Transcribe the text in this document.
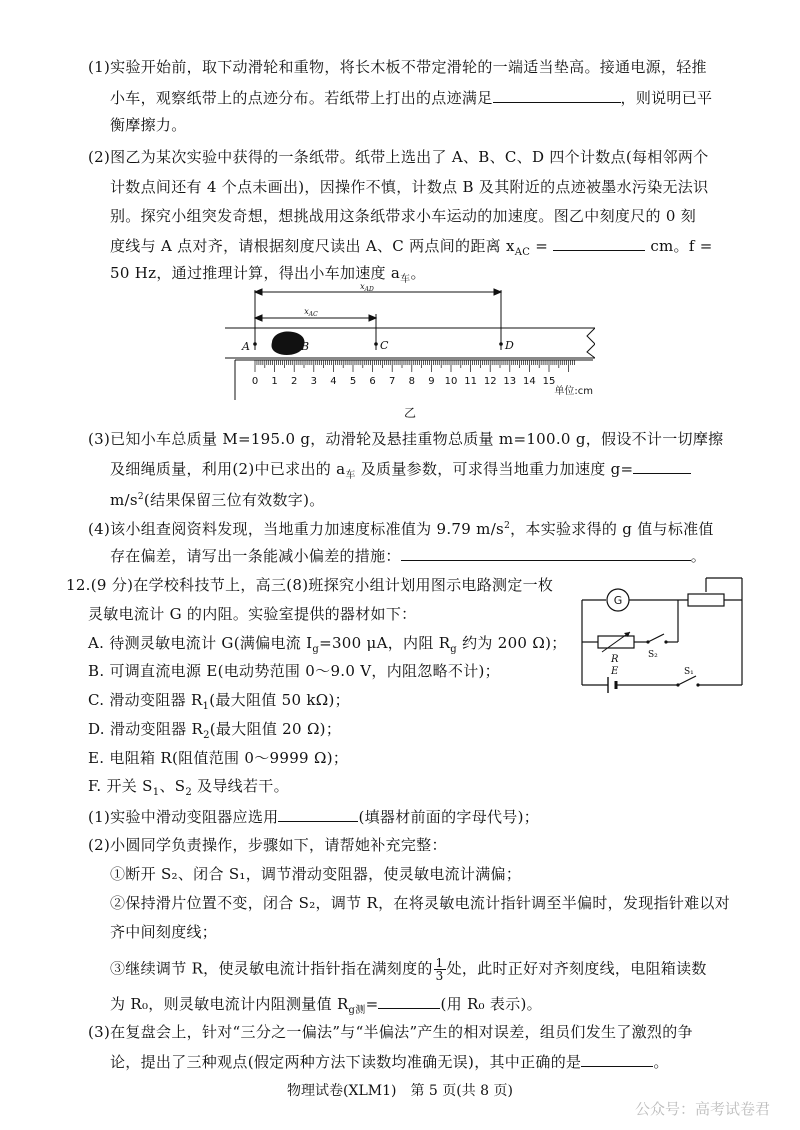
(1)实验开始前，取下动滑轮和重物，将长木板不带定滑轮的一端适当垫高。接通电源，轻推
小车，观察纸带上的点迹分布。若纸带上打出的点迹满足	，则说明已平
衡摩擦力。
(2)图乙为某次实验中获得的一条纸带。纸带上选出了 A、B、C、D 四个计数点(每相邻两个
计数点间还有 4 个点未画出)，因操作不慎，计数点 B 及其附近的点迹被墨水污染无法识
别。探究小组突发奇想，想挑战用这条纸带求小车运动的加速度。图乙中刻度尺的 0 刻
度线与 A 点对齐，请根据刻度尺读出 A、C 两点间的距离 $x_{AC}$ =	cm。f =
50 Hz，通过推理计算，得出小车加速度 $a_车$。
$x_{AD}$
$x_{AC}$
A	B	C	D
0 1 2 3 4 5 6 7 8 9 10 11 12 13 14 15
单位:cm
乙
(3)已知小车总质量 M=195.0 g，动滑轮及悬挂重物总质量 m=100.0 g，假设不计一切摩擦
及细绳质量，利用(2)中已求出的 $a_车$ 及质量参数，可求得当地重力加速度 g=
$m/s^2$(结果保留三位有效数字)。
(4)该小组查阅资料发现，当地重力加速度标准值为 9.79 $m/s^2$，本实验求得的 g 值与标准值
存在偏差，请写出一条能减小偏差的措施：	。
12.(9 分)在学校科技节上，高三(8)班探究小组计划用图示电路测定一枚
灵敏电流计 G 的内阻。实验室提供的器材如下：
A. 待测灵敏电流计 G(满偏电流 $I_g=300$ μA，内阻 $R_g$ 约为 200 Ω)；
B. 可调直流电源 E(电动势范围 0～9.0 V，内阻忽略不计)；
C. 滑动变阻器 $R_1$(最大阻值 50 kΩ)；
D. 滑动变阻器 $R_2$(最大阻值 20 Ω)；
E. 电阻箱 R(阻值范围 0～9999 Ω)；
F. 开关 $S_1$、$S_2$ 及导线若干。
G
R	S₂
E	S₁
(1)实验中滑动变阻器应选用	(填器材前面的字母代号)；
(2)小圆同学负责操作，步骤如下，请帮她补充完整：
①断开 S₂、闭合 S₁，调节滑动变阻器，使灵敏电流计满偏；
②保持滑片位置不变，闭合 S₂，调节 R，在将灵敏电流计指针调至半偏时，发现指针难以对
齐中间刻度线；
③继续调节 R，使灵敏电流计指针指在满刻度的 $\frac{1}{3}$ 处，此时正好对齐刻度线，电阻箱读数
为 R₀，则灵敏电流计内阻测量值 $R_{g测}=$	(用 R₀ 表示)。
(3)在复盘会上，针对“三分之一偏法”与“半偏法”产生的相对误差，组员们发生了激烈的争
论，提出了三种观点(假定两种方法下读数均准确无误)，其中正确的是	。
物理试卷(XLM1)　第 5 页(共 8 页)
公众号：高考试卷君
